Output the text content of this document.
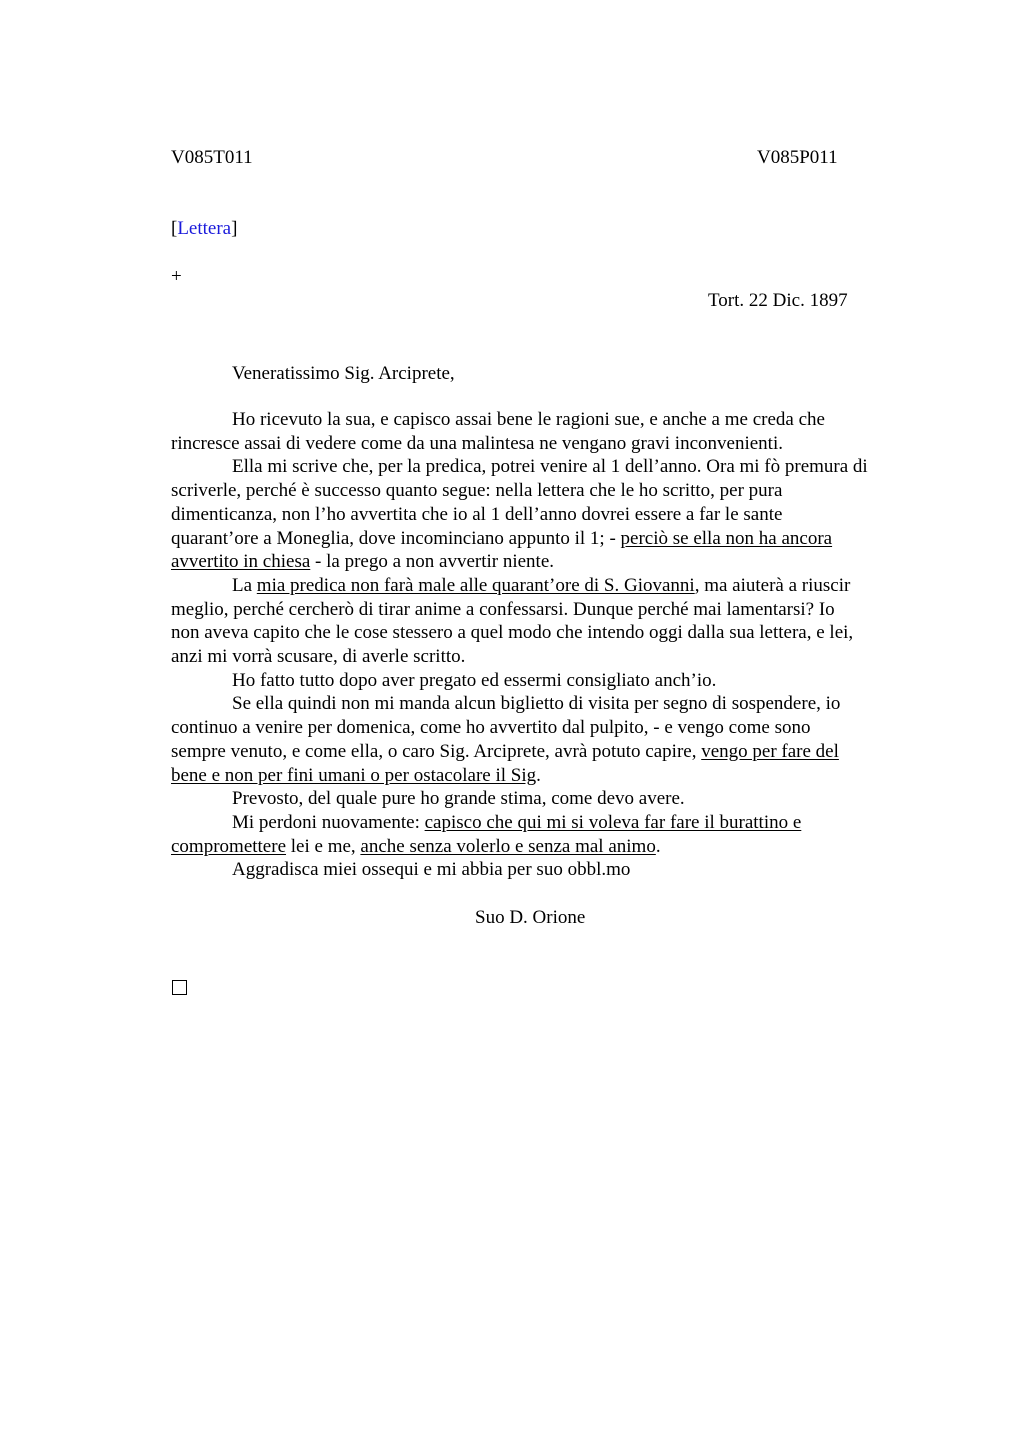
V085T011	V085P011
[Lettera]
+
Tort. 22 Dic. 1897
Veneratissimo Sig. Arciprete,

Ho ricevuto la sua, e capisco assai bene le ragioni sue, e anche a me creda che

rincresce assai di vedere come da una malintesa ne vengano gravi inconvenienti.

Ella mi scrive che, per la predica, potrei venire al 1 dell’anno. Ora mi fò premura di

scriverle, perché è successo quanto segue: nella lettera che le ho scritto, per pura

dimenticanza, non l’ho avvertita che io al 1 dell’anno dovrei essere a far le sante

quarant’ore a Moneglia, dove incominciano appunto il 1; - perciò se ella non ha ancora

avvertito in chiesa - la prego a non avvertir niente.

La mia predica non farà male alle quarant’ore di S. Giovanni, ma aiuterà a riuscir

meglio, perché cercherò di tirar anime a confessarsi. Dunque perché mai lamentarsi? Io

non aveva capito che le cose stessero a quel modo che intendo oggi dalla sua lettera, e lei,

anzi mi vorrà scusare, di averle scritto.

Ho fatto tutto dopo aver pregato ed essermi consigliato anch’io.

Se ella quindi non mi manda alcun biglietto di visita per segno di sospendere, io

continuo a venire per domenica, come ho avvertito dal pulpito, - e vengo come sono

sempre venuto, e come ella, o caro Sig. Arciprete, avrà potuto capire, vengo per fare del

bene e non per fini umani o per ostacolare il Sig.

Prevosto, del quale pure ho grande stima, come devo avere.

Mi perdoni nuovamente: capisco che qui mi si voleva far fare il burattino e

compromettere lei e me, anche senza volerlo e senza mal animo.

Aggradisca miei ossequi e mi abbia per suo obbl.mo

Suo D. Orione
